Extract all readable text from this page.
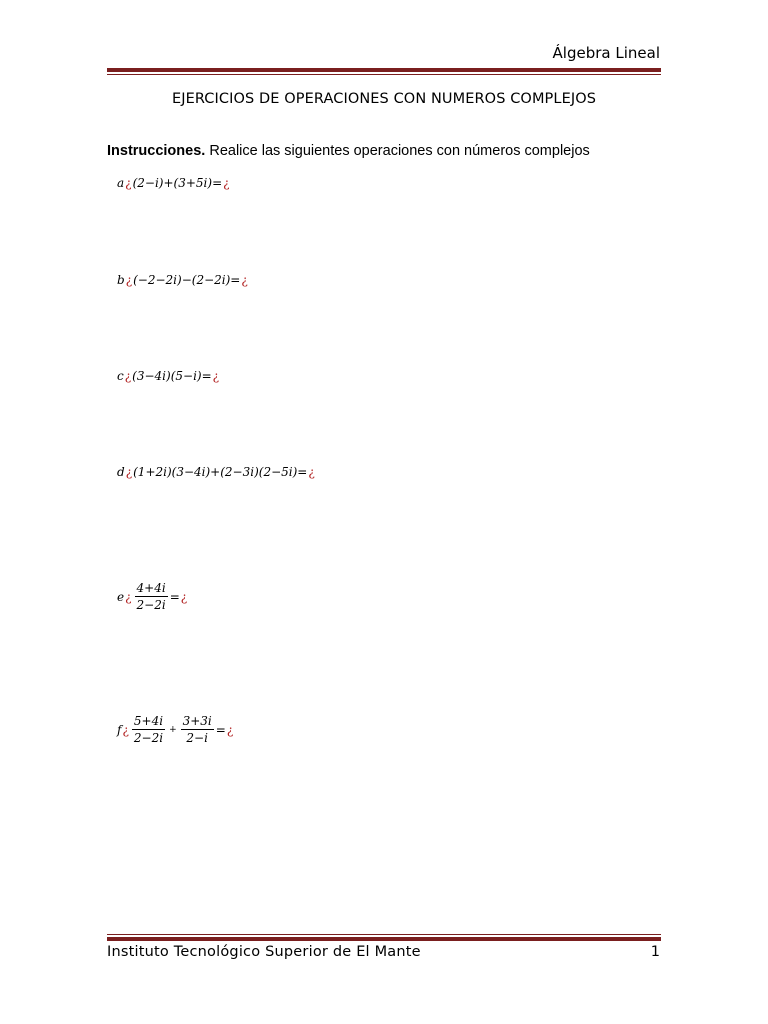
Álgebra Lineal
EJERCICIOS DE OPERACIONES CON NUMEROS COMPLEJOS
Instrucciones. Realice las siguientes operaciones con números complejos
a ¿ (2−i)+(3+5i)= ¿
b ¿ (−2−2i)−(2−2i)= ¿
c ¿ (3−4i)(5−i)= ¿
d ¿ (1+2i)(3−4i)+(2−3i)(2−5i)= ¿
e ¿ $\frac{4+4i}{2-2i}$ = ¿
f ¿ $\frac{5+4i}{2-2i} + \frac{3+3i}{2-i}$ = ¿
Instituto Tecnológico Superior de El Mante	1
